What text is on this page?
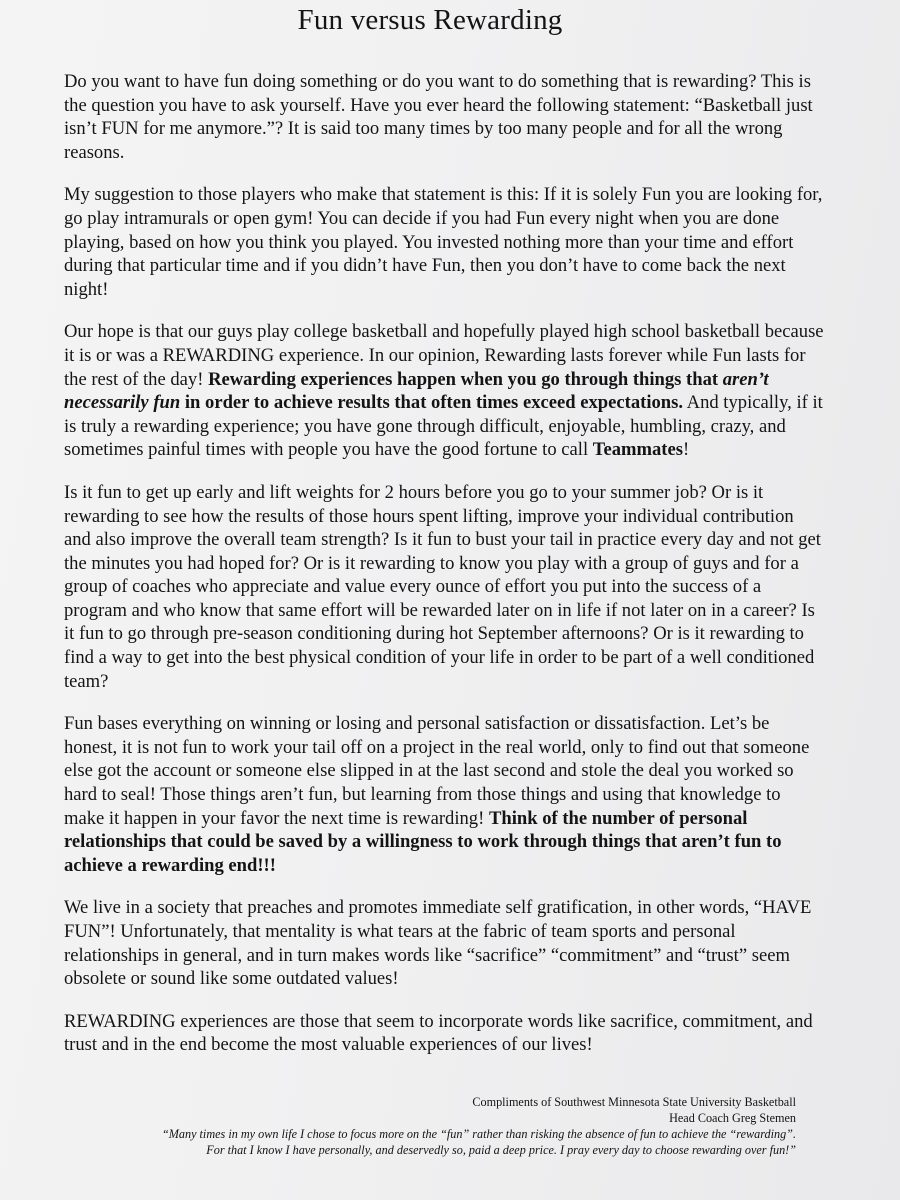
Fun versus Rewarding

Do you want to have fun doing something or do you want to do something that is rewarding? This is the question you have to ask yourself. Have you ever heard the following statement: “Basketball just isn’t FUN for me anymore.”? It is said too many times by too many people and for all the wrong reasons.

My suggestion to those players who make that statement is this: If it is solely Fun you are looking for, go play intramurals or open gym! You can decide if you had Fun every night when you are done playing, based on how you think you played. You invested nothing more than your time and effort during that particular time and if you didn’t have Fun, then you don’t have to come back the next night!

Our hope is that our guys play college basketball and hopefully played high school basketball because it is or was a REWARDING experience. In our opinion, Rewarding lasts forever while Fun lasts for the rest of the day! Rewarding experiences happen when you go through things that aren’t necessarily fun in order to achieve results that often times exceed expectations. And typically, if it is truly a rewarding experience; you have gone through difficult, enjoyable, humbling, crazy, and sometimes painful times with people you have the good fortune to call Teammates!

Is it fun to get up early and lift weights for 2 hours before you go to your summer job? Or is it rewarding to see how the results of those hours spent lifting, improve your individual contribution and also improve the overall team strength? Is it fun to bust your tail in practice every day and not get the minutes you had hoped for? Or is it rewarding to know you play with a group of guys and for a group of coaches who appreciate and value every ounce of effort you put into the success of a program and who know that same effort will be rewarded later on in life if not later on in a career? Is it fun to go through pre-season conditioning during hot September afternoons? Or is it rewarding to find a way to get into the best physical condition of your life in order to be part of a well conditioned team?

Fun bases everything on winning or losing and personal satisfaction or dissatisfaction. Let’s be honest, it is not fun to work your tail off on a project in the real world, only to find out that someone else got the account or someone else slipped in at the last second and stole the deal you worked so hard to seal! Those things aren’t fun, but learning from those things and using that knowledge to make it happen in your favor the next time is rewarding! Think of the number of personal relationships that could be saved by a willingness to work through things that aren’t fun to achieve a rewarding end!!!

We live in a society that preaches and promotes immediate self gratification, in other words, “HAVE FUN”! Unfortunately, that mentality is what tears at the fabric of team sports and personal relationships in general, and in turn makes words like “sacrifice” “commitment” and “trust” seem obsolete or sound like some outdated values!

REWARDING experiences are those that seem to incorporate words like sacrifice, commitment, and trust and in the end become the most valuable experiences of our lives!

Compliments of Southwest Minnesota State University Basketball
Head Coach Greg Stemen
“Many times in my own life I chose to focus more on the “fun” rather than risking the absence of fun to achieve the “rewarding”.
For that I know I have personally, and deservedly so, paid a deep price. I pray every day to choose rewarding over fun!”
